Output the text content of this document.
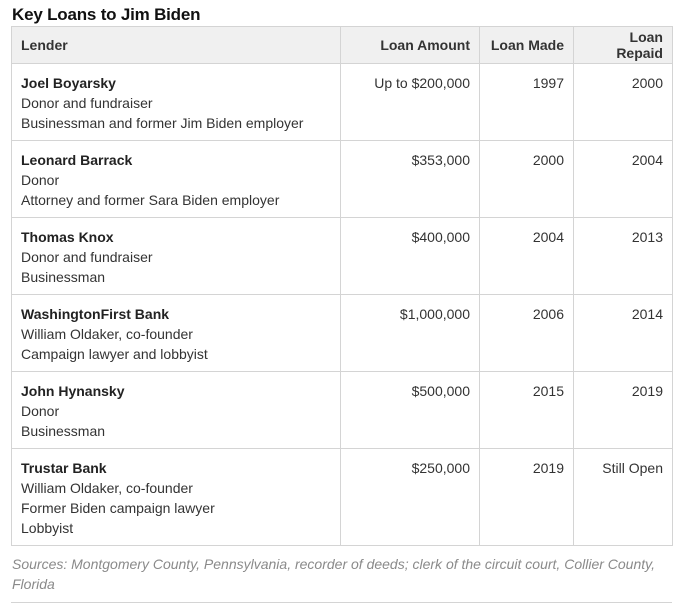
Key Loans to Jim Biden
Lender	Loan Amount	Loan Made	Loan Repaid

Joel Boyarsky
Donor and fundraiser
Businessman and former Jim Biden employer	Up to $200,000	1997	2000

Leonard Barrack
Donor
Attorney and former Sara Biden employer	$353,000	2000	2004

Thomas Knox
Donor and fundraiser
Businessman	$400,000	2004	2013

WashingtonFirst Bank
William Oldaker, co-founder
Campaign lawyer and lobbyist	$1,000,000	2006	2014

John Hynansky
Donor
Businessman	$500,000	2015	2019

Trustar Bank
William Oldaker, co-founder
Former Biden campaign lawyer
Lobbyist	$250,000	2019	Still Open
Sources: Montgomery County, Pennsylvania, recorder of deeds; clerk of the circuit court, Collier County, Florida
